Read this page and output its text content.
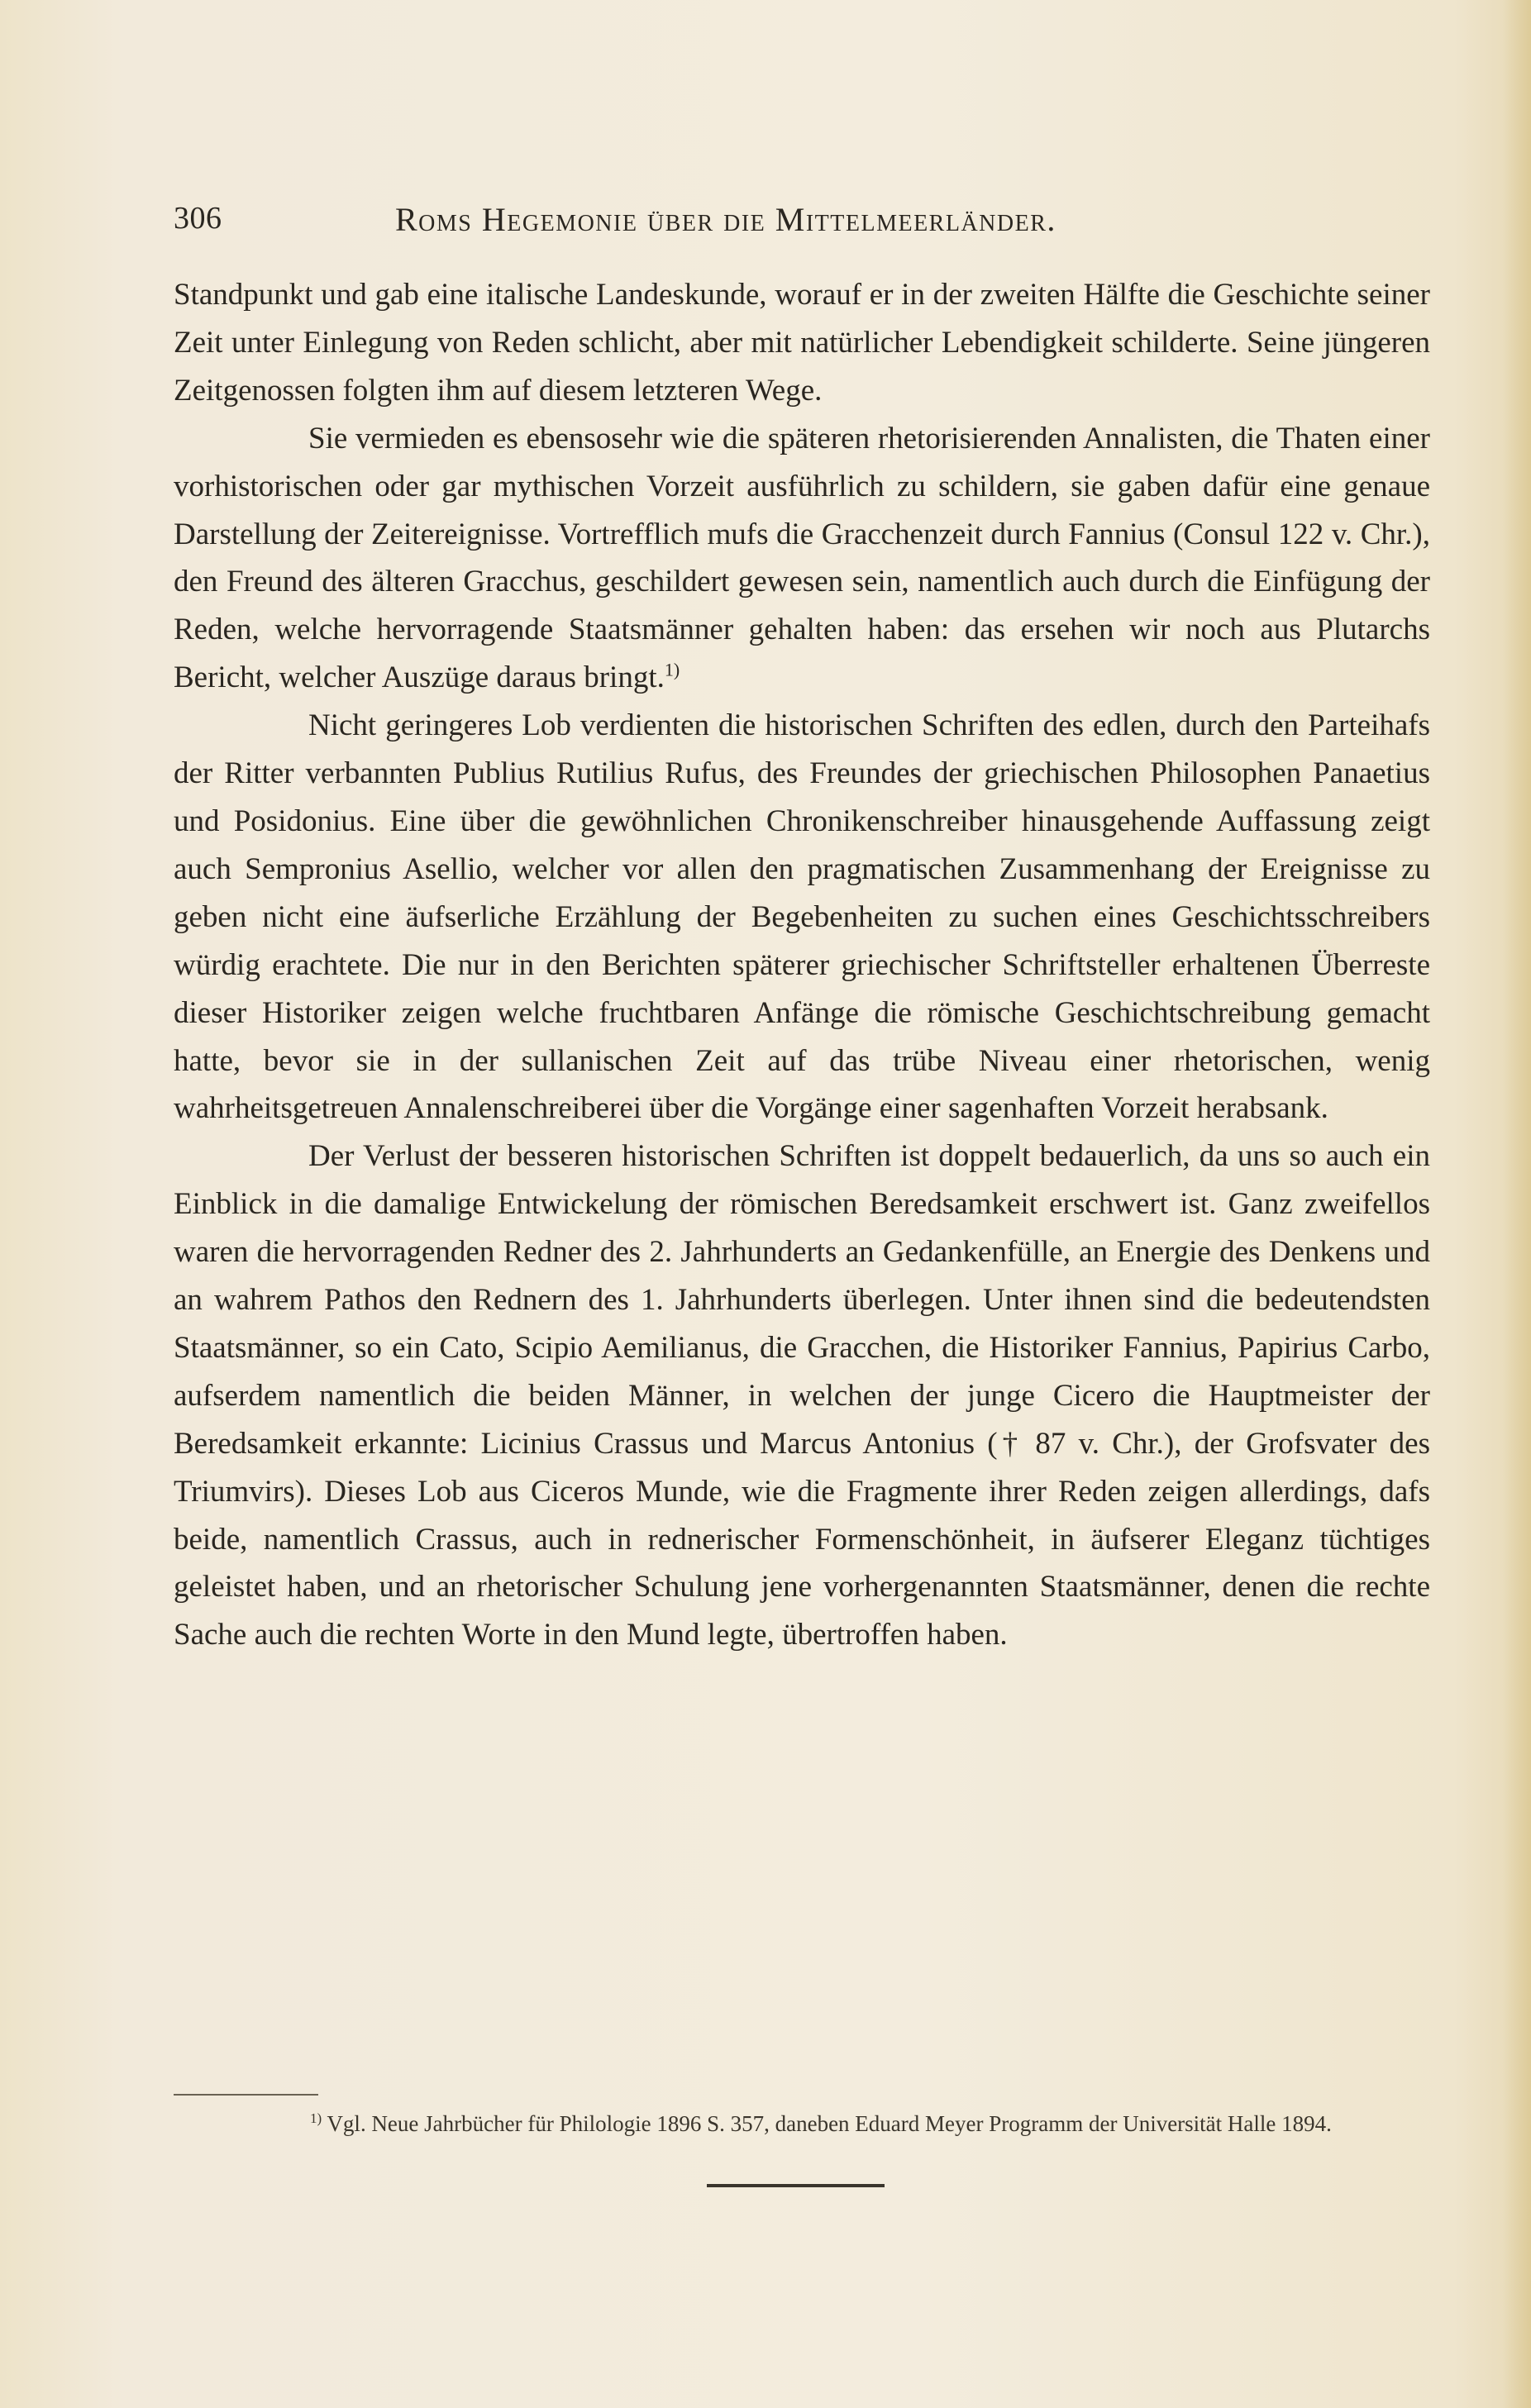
306	Roms Hegemonie über die Mittelmeerländer.

Standpunkt und gab eine italische Landeskunde, worauf er in der zweiten Hälfte die Geschichte seiner Zeit unter Einlegung von Reden schlicht, aber mit natürlicher Lebendigkeit schilderte. Seine jüngeren Zeitgenossen folgten ihm auf diesem letzteren Wege.

Sie vermieden es ebensosehr wie die späteren rhetorisierenden Annalisten, die Thaten einer vorhistorischen oder gar mythischen Vorzeit ausführlich zu schildern, sie gaben dafür eine genaue Darstellung der Zeitereignisse. Vortrefflich mufs die Gracchenzeit durch Fannius (Consul 122 v. Chr.), den Freund des älteren Gracchus, geschildert gewesen sein, namentlich auch durch die Einfügung der Reden, welche hervorragende Staatsmänner gehalten haben: das ersehen wir noch aus Plutarchs Bericht, welcher Auszüge daraus bringt.$^{1)}$

Nicht geringeres Lob verdienten die historischen Schriften des edlen, durch den Parteihafs der Ritter verbannten Publius Rutilius Rufus, des Freundes der griechischen Philosophen Panaetius und Posidonius. Eine über die gewöhnlichen Chronikenschreiber hinausgehende Auffassung zeigt auch Sempronius Asellio, welcher vor allen den pragmatischen Zusammenhang der Ereignisse zu geben nicht eine äufserliche Erzählung der Begebenheiten zu suchen eines Geschichtsschreibers würdig erachtete. Die nur in den Berichten späterer griechischer Schriftsteller erhaltenen Überreste dieser Historiker zeigen welche fruchtbaren Anfänge die römische Geschichtschreibung gemacht hatte, bevor sie in der sullanischen Zeit auf das trübe Niveau einer rhetorischen, wenig wahrheitsgetreuen Annalenschreiberei über die Vorgänge einer sagenhaften Vorzeit herabsank.

Der Verlust der besseren historischen Schriften ist doppelt bedauerlich, da uns so auch ein Einblick in die damalige Entwickelung der römischen Beredsamkeit erschwert ist. Ganz zweifellos waren die hervorragenden Redner des 2. Jahrhunderts an Gedankenfülle, an Energie des Denkens und an wahrem Pathos den Rednern des 1. Jahrhunderts überlegen. Unter ihnen sind die bedeutendsten Staatsmänner, so ein Cato, Scipio Aemilianus, die Gracchen, die Historiker Fannius, Papirius Carbo, aufserdem namentlich die beiden Männer, in welchen der junge Cicero die Hauptmeister der Beredsamkeit erkannte: Licinius Crassus und Marcus Antonius († 87 v. Chr.), der Grofsvater des Triumvirs). Dieses Lob aus Ciceros Munde, wie die Fragmente ihrer Reden zeigen allerdings, dafs beide, namentlich Crassus, auch in rednerischer Formenschönheit, in äufserer Eleganz tüchtiges geleistet haben, und an rhetorischer Schulung jene vorhergenannten Staatsmänner, denen die rechte Sache auch die rechten Worte in den Mund legte, übertroffen haben.

$^{1)}$ Vgl. Neue Jahrbücher für Philologie 1896 S. 357, daneben Eduard Meyer Programm der Universität Halle 1894.
